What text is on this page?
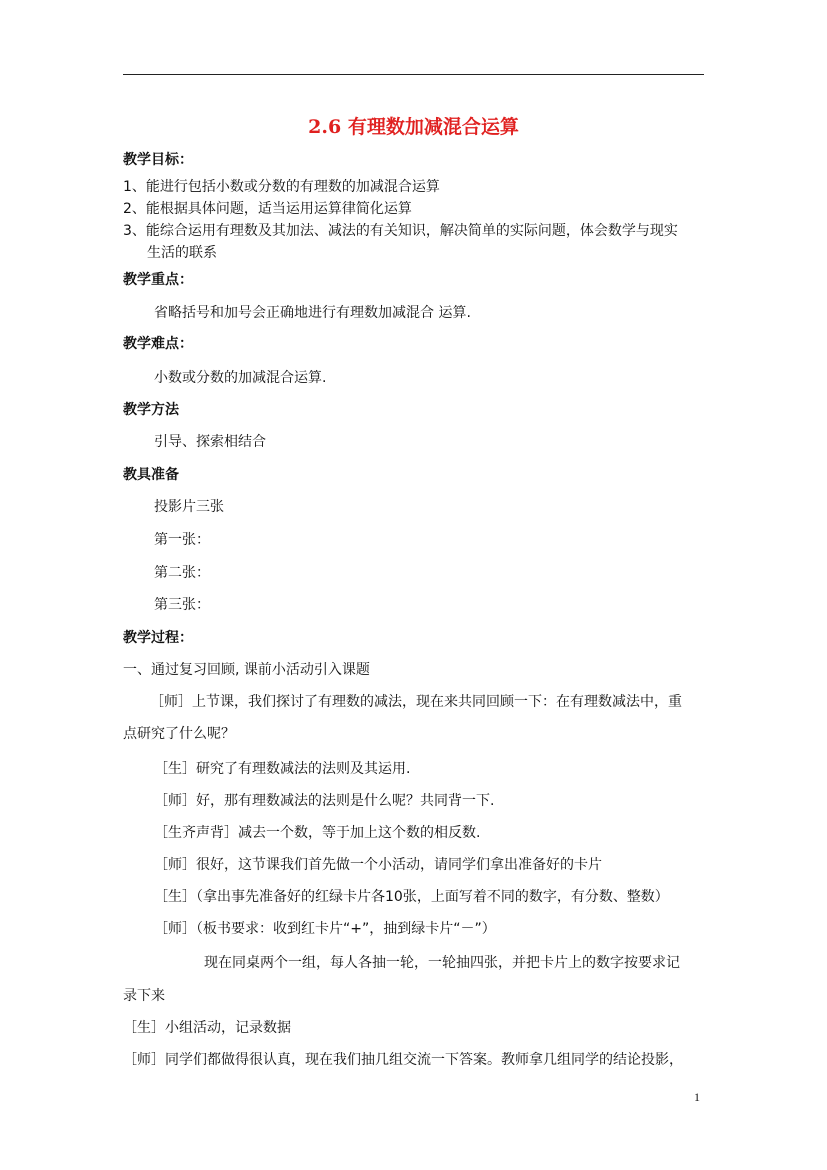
2.6 有理数加减混合运算
教学目标：
1、能进行包括小数或分数的有理数的加减混合运算
2、能根据具体问题，适当运用运算律简化运算
3、能综合运用有理数及其加法、减法的有关知识，解决简单的实际问题，体会数学与现实
生活的联系
教学重点：
省略括号和加号会正确地进行有理数加减混合 运算.
教学难点：
小数或分数的加减混合运算.
教学方法
引导、探索相结合
教具准备
投影片三张
第一张：
第二张：
第三张：
教学过程：
一、通过复习回顾, 课前小活动引入课题
［师］上节课，我们探讨了有理数的减法，现在来共同回顾一下：在有理数减法中，重
点研究了什么呢？
［生］研究了有理数减法的法则及其运用.
［师］好，那有理数减法的法则是什么呢？共同背一下.
［生齐声背］减去一个数，等于加上这个数的相反数.
［师］很好，这节课我们首先做一个小活动，请同学们拿出准备好的卡片
［生］（拿出事先准备好的红绿卡片各10张，上面写着不同的数字，有分数、整数）
［师］（板书要求：收到红卡片“+”，抽到绿卡片“－”）
现在同桌两个一组，每人各抽一轮，一轮抽四张，并把卡片上的数字按要求记
录下来
［生］小组活动，记录数据
［师］同学们都做得很认真，现在我们抽几组交流一下答案。教师拿几组同学的结论投影，
1
